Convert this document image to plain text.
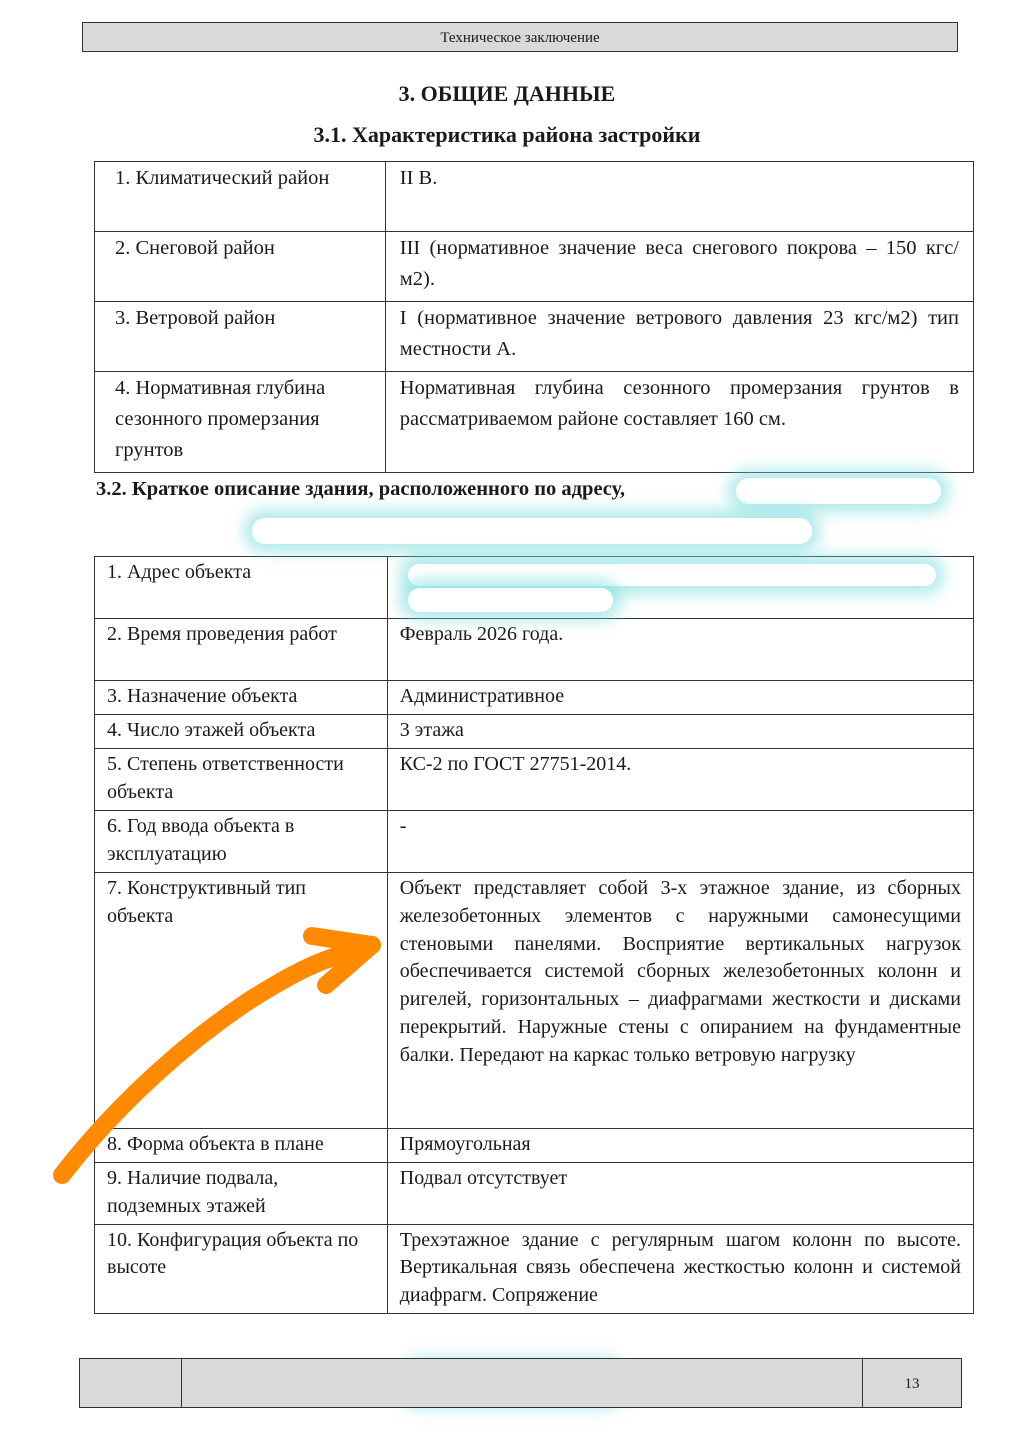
Техническое заключение
3. ОБЩИЕ ДАННЫЕ
3.1. Характеристика района застройки
1. Климатический район	II В.
2. Снеговой район	III (нормативное значение веса снегового покрова – 150 кгс/м2).
3. Ветровой район	I (нормативное значение ветрового давления 23 кгс/м2) тип местности А.
4. Нормативная глубина сезонного промерзания грунтов	Нормативная глубина сезонного промерзания грунтов в рассматриваемом районе составляет 160 см.
3.2. Краткое описание здания, расположенного по адресу,
1. Адрес объекта	
2. Время проведения работ	Февраль 2026 года.
3. Назначение объекта	Административное
4. Число этажей объекта	3 этажа
5. Степень ответственности объекта	КС-2 по ГОСТ 27751-2014.
6. Год ввода объекта в эксплуатацию	-
7. Конструктивный тип объекта	Объект представляет собой 3-х этажное здание, из сборных железобетонных элементов с наружными самонесущими стеновыми панелями. Восприятие вертикальных нагрузок обеспечивается системой сборных железобетонных колонн и ригелей, горизонтальных – диафрагмами жесткости и дисками перекрытий. Наружные стены с опиранием на фундаментные балки. Передают на каркас только ветровую нагрузку
8. Форма объекта в плане	Прямоугольная
9. Наличие подвала, подземных этажей	Подвал отсутствует
10. Конфигурация объекта по высоте	Трехэтажное здание с регулярным шагом колонн по высоте. Вертикальная связь обеспечена жесткостью колонн и системой диафрагм. Сопряжение
13
